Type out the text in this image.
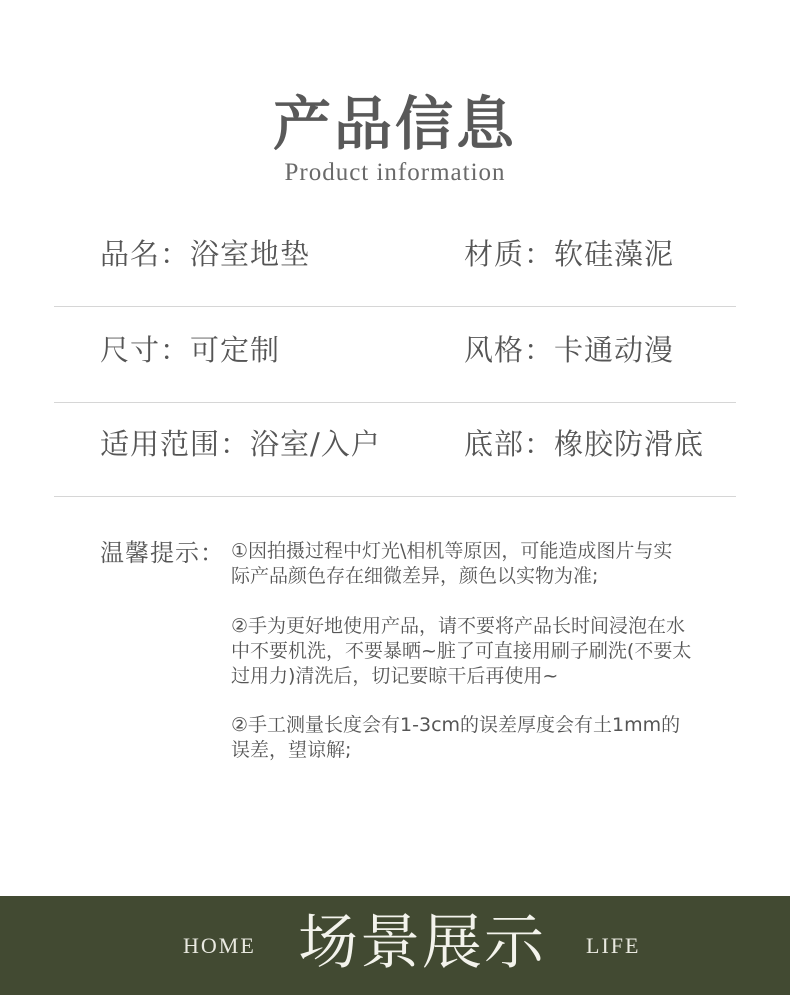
产品信息
Product information
品名：浴室地垫	材质：软硅藻泥
尺寸：可定制	风格：卡通动漫
适用范围：浴室/入户	底部：橡胶防滑底
温馨提示： ①因拍摄过程中灯光\相机等原因，可能造成图片与实
际产品颜色存在细微差异，颜色以实物为准;
②手为更好地使用产品，请不要将产品长时间浸泡在水
中不要机洗，不要暴晒~脏了可直接用刷子刷洗(不要太
过用力)清洗后，切记要晾干后再使用~
②手工测量长度会有1-3cm的误差厚度会有土1mm的
误差，望谅解;
HOME 场景展示 LIFE
